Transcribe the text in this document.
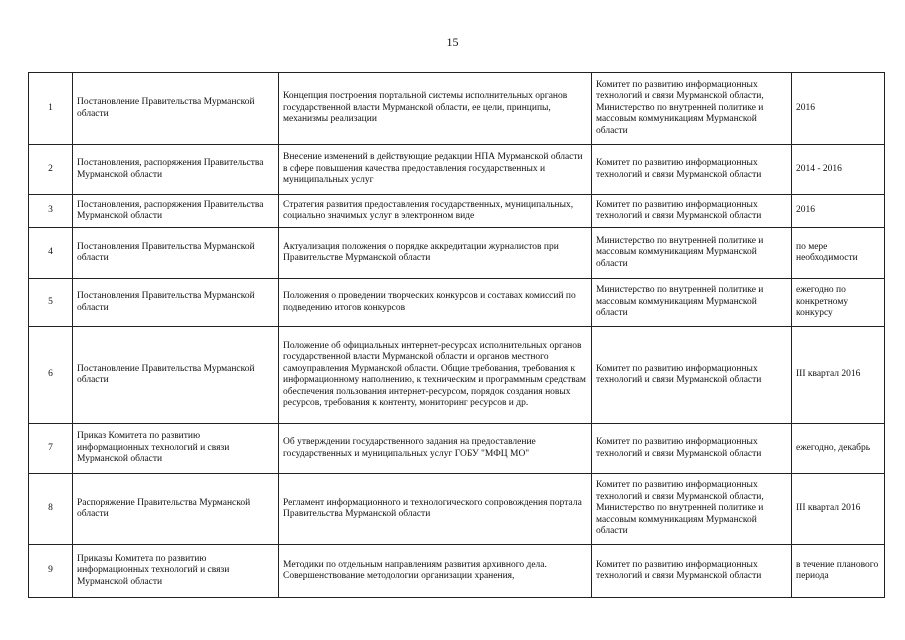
15
1	Постановление Правительства Мурманской области	Концепция построения портальной системы исполнительных органов государственной власти Мурманской области, ее цели, принципы, механизмы реализации	Комитет по развитию информационных технологий и связи Мурманской области, Министерство по внутренней политике и массовым коммуникациям Мурманской области	2016
2	Постановления, распоряжения Правительства Мурманской области	Внесение изменений в действующие редакции НПА Мурманской области в сфере повышения качества предоставления государственных и муниципальных услуг	Комитет по развитию информационных технологий и связи Мурманской области	2014 - 2016
3	Постановления, распоряжения Правительства Мурманской области	Стратегия развития предоставления государственных, муниципальных, социально значимых услуг в электронном виде	Комитет по развитию информационных технологий и связи Мурманской области	2016
4	Постановления Правительства Мурманской области	Актуализация положения о порядке аккредитации журналистов при Правительстве Мурманской области	Министерство по внутренней политике и массовым коммуникациям Мурманской области	по мере необходимости
5	Постановления Правительства Мурманской области	Положения о проведении творческих конкурсов и составах комиссий по подведению итогов конкурсов	Министерство по внутренней политике и массовым коммуникациям Мурманской области	ежегодно по конкретному конкурсу
6	Постановление Правительства Мурманской области	Положение об официальных интернет-ресурсах исполнительных органов государственной власти Мурманской области и органов местного самоуправления Мурманской области. Общие требования, требования к информационному наполнению, к техническим и программным средствам обеспечения пользования интернет-ресурсом, порядок создания новых ресурсов, требования к контенту, мониторинг ресурсов и др.	Комитет по развитию информационных технологий и связи Мурманской области	III квартал 2016
7	Приказ Комитета по развитию информационных технологий и связи Мурманской области	Об утверждении государственного задания на предоставление государственных и муниципальных услуг ГОБУ "МФЦ МО"	Комитет по развитию информационных технологий и связи Мурманской области	ежегодно, декабрь
8	Распоряжение Правительства Мурманской области	Регламент информационного и технологического сопровождения портала Правительства Мурманской области	Комитет по развитию информационных технологий и связи Мурманской области, Министерство по внутренней политике и массовым коммуникациям Мурманской области	III квартал 2016
9	Приказы Комитета по развитию информационных технологий и связи Мурманской области	Методики по отдельным направлениям развития архивного дела. Совершенствование методологии организации хранения,	Комитет по развитию информационных технологий и связи Мурманской области	в течение планового периода
